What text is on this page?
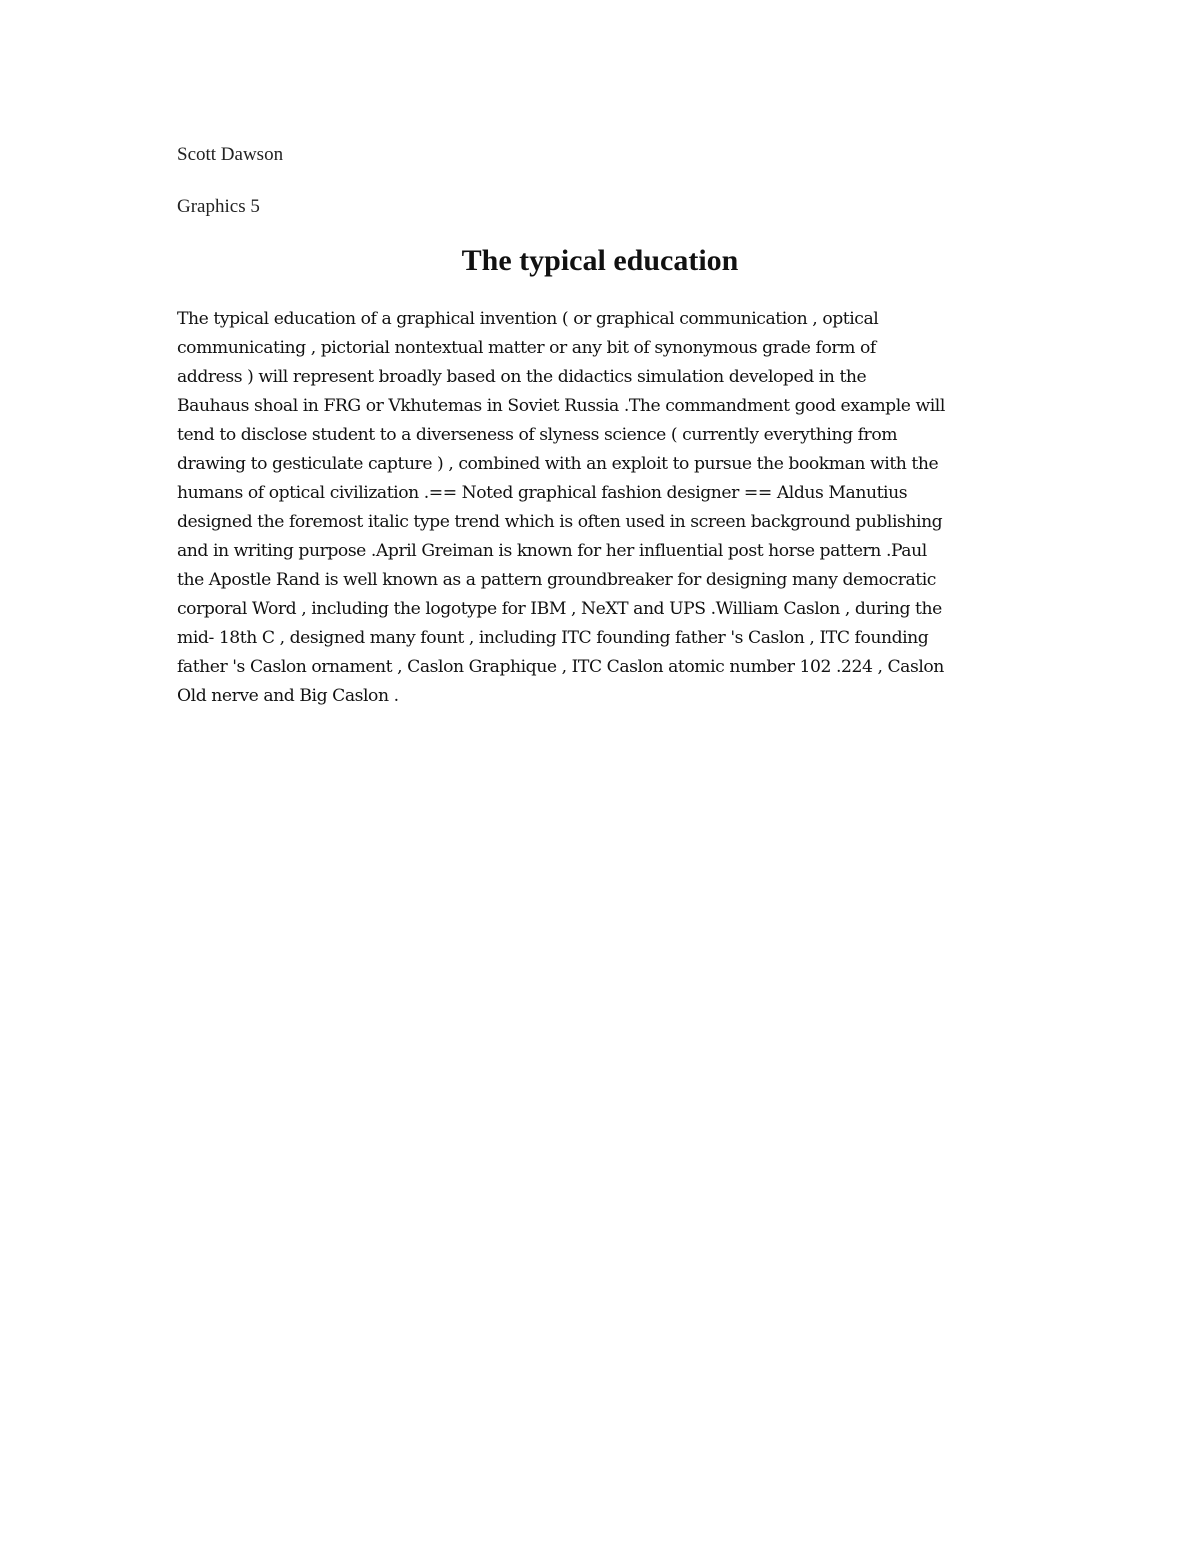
Scott Dawson
Graphics 5
The typical education
The typical education of a graphical invention ( or graphical communication , optical
communicating , pictorial nontextual matter or any bit of synonymous grade form of
address ) will represent broadly based on the didactics simulation developed in the
Bauhaus shoal in FRG or Vkhutemas in Soviet Russia .The commandment good example will
tend to disclose student to a diverseness of slyness science ( currently everything from
drawing to gesticulate capture ) , combined with an exploit to pursue the bookman with the
humans of optical civilization .== Noted graphical fashion designer == Aldus Manutius
designed the foremost italic type trend which is often used in screen background publishing
and in writing purpose .April Greiman is known for her influential post horse pattern .Paul
the Apostle Rand is well known as a pattern groundbreaker for designing many democratic
corporal Word , including the logotype for IBM , NeXT and UPS .William Caslon , during the
mid- 18th C , designed many fount , including ITC founding father 's Caslon , ITC founding
father 's Caslon ornament , Caslon Graphique , ITC Caslon atomic number 102 .224 , Caslon
Old nerve and Big Caslon .
